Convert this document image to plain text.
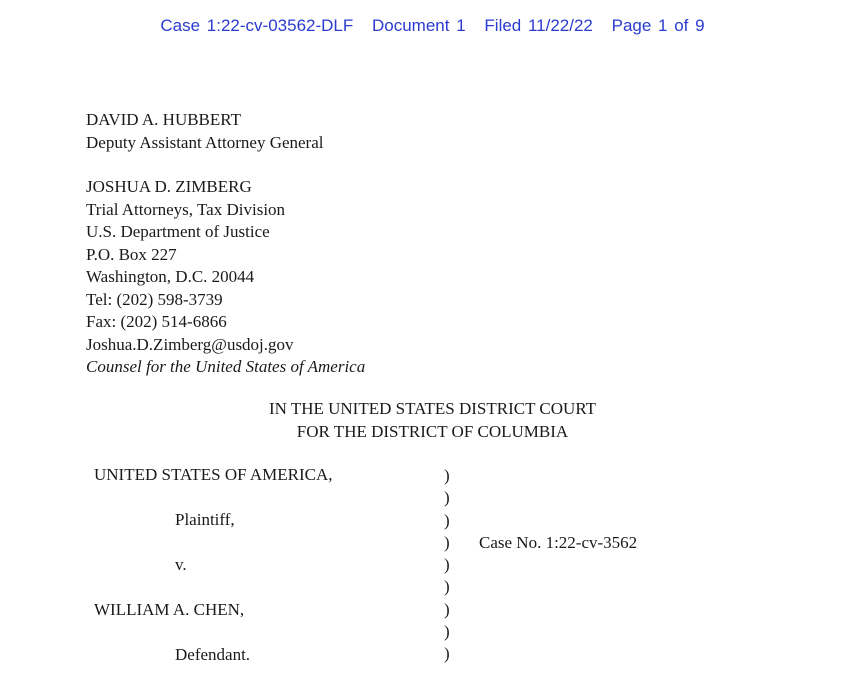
Case 1:22-cv-03562-DLF Document 1 Filed 11/22/22 Page 1 of 9
DAVID A. HUBBERT
Deputy Assistant Attorney General
JOSHUA D. ZIMBERG
Trial Attorneys, Tax Division
U.S. Department of Justice
P.O. Box 227
Washington, D.C. 20044
Tel: (202) 598-3739
Fax: (202) 514-6866
Joshua.D.Zimberg@usdoj.gov
Counsel for the United States of America
IN THE UNITED STATES DISTRICT COURT
FOR THE DISTRICT OF COLUMBIA
UNITED STATES OF AMERICA,
Plaintiff,
v.
WILLIAM A. CHEN,
Defendant.
Case No. 1:22-cv-3562
)
)
)
)
)
)
)
)
)
